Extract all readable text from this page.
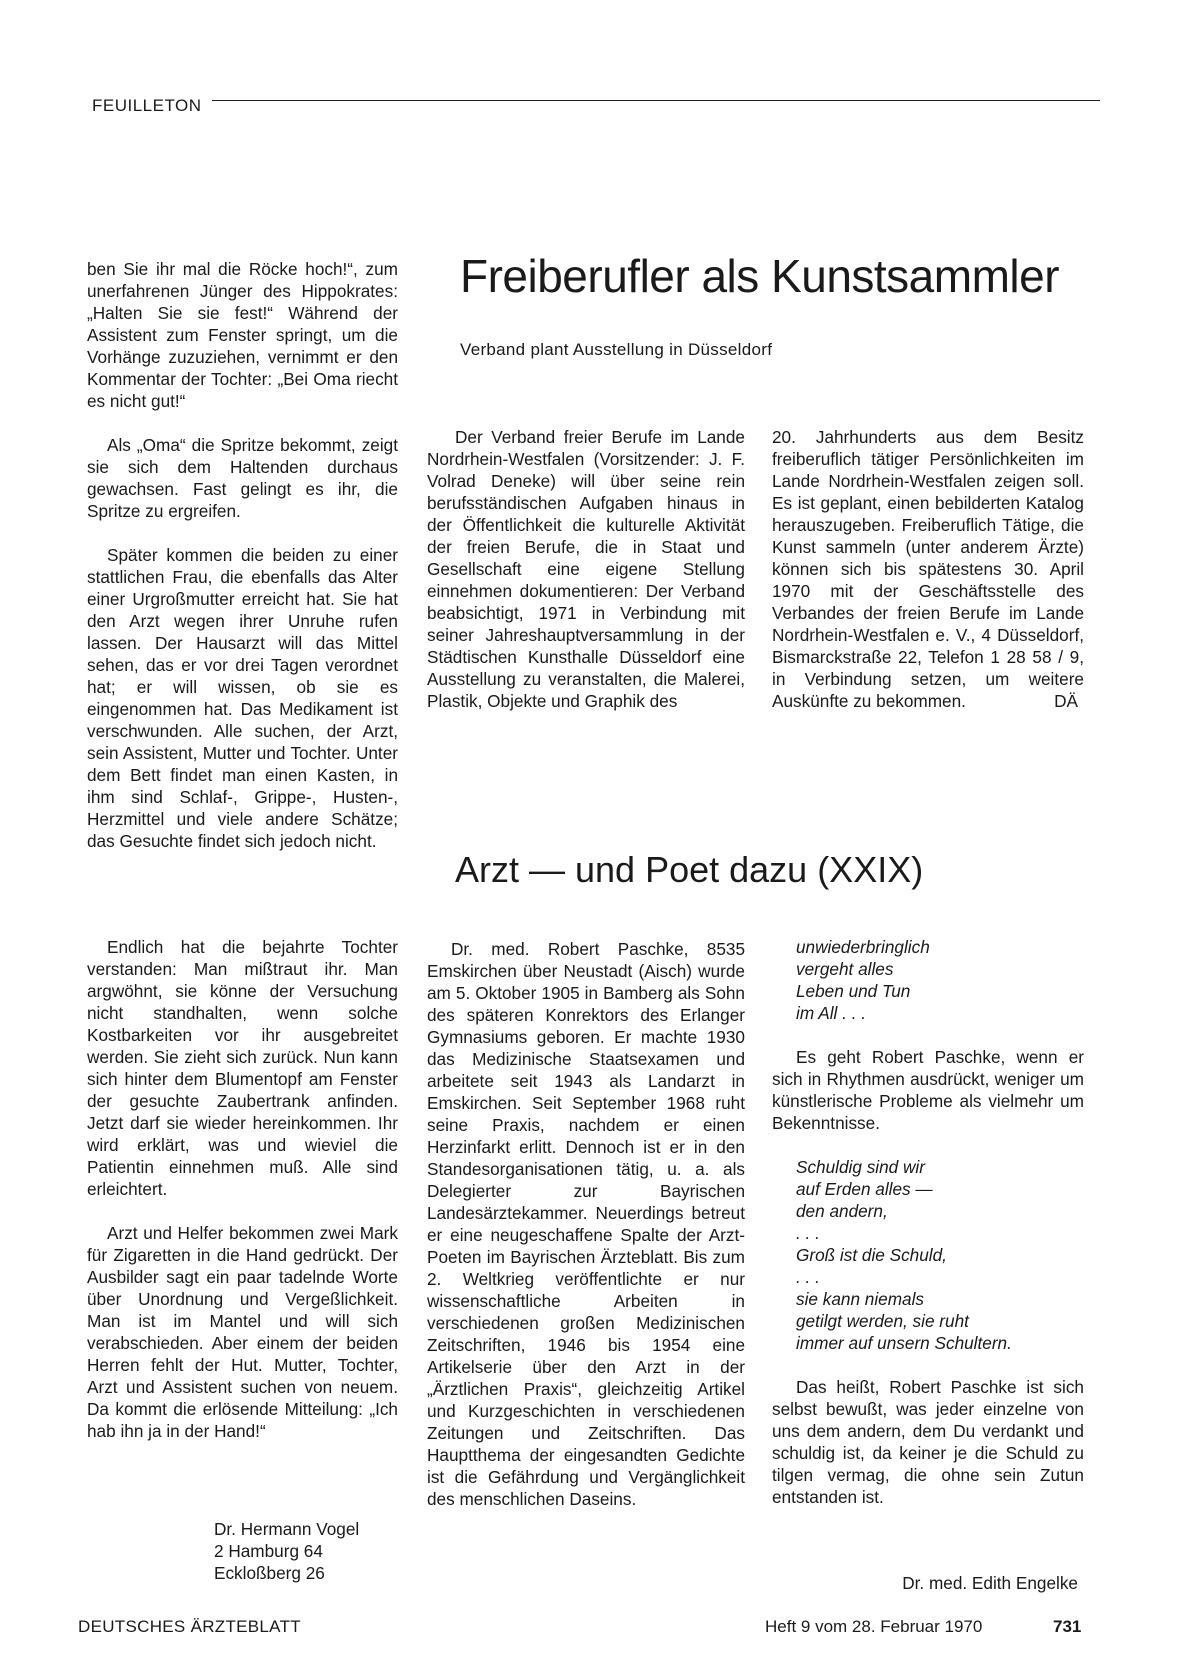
FEUILLETON

ben Sie ihr mal die Röcke hoch!“, zum unerfahrenen Jünger des Hippokrates: „Halten Sie sie fest!“ Während der Assistent zum Fenster springt, um die Vorhänge zuzuziehen, vernimmt er den Kommentar der Tochter: „Bei Oma riecht es nicht gut!“

Als „Oma“ die Spritze bekommt, zeigt sie sich dem Haltenden durchaus gewachsen. Fast gelingt es ihr, die Spritze zu ergreifen.

Später kommen die beiden zu einer stattlichen Frau, die ebenfalls das Alter einer Urgroßmutter erreicht hat. Sie hat den Arzt wegen ihrer Unruhe rufen lassen. Der Hausarzt will das Mittel sehen, das er vor drei Tagen verordnet hat; er will wissen, ob sie es eingenommen hat. Das Medikament ist verschwunden. Alle suchen, der Arzt, sein Assistent, Mutter und Tochter. Unter dem Bett findet man einen Kasten, in ihm sind Schlaf-, Grippe-, Husten-, Herzmittel und viele andere Schätze; das Gesuchte findet sich jedoch nicht.

Endlich hat die bejahrte Tochter verstanden: Man mißtraut ihr. Man argwöhnt, sie könne der Versuchung nicht standhalten, wenn solche Kostbarkeiten vor ihr ausgebreitet werden. Sie zieht sich zurück. Nun kann sich hinter dem Blumentopf am Fenster der gesuchte Zaubertrank anfinden. Jetzt darf sie wieder hereinkommen. Ihr wird erklärt, was und wieviel die Patientin einnehmen muß. Alle sind erleichtert.

Arzt und Helfer bekommen zwei Mark für Zigaretten in die Hand gedrückt. Der Ausbilder sagt ein paar tadelnde Worte über Unordnung und Vergeßlichkeit. Man ist im Mantel und will sich verabschieden. Aber einem der beiden Herren fehlt der Hut. Mutter, Tochter, Arzt und Assistent suchen von neuem. Da kommt die erlösende Mitteilung: „Ich hab ihn ja in der Hand!“

Dr. Hermann Vogel
2 Hamburg 64
Eckloßberg 26
Freiberufler als Kunstsammler
Verband plant Ausstellung in Düsseldorf

Der Verband freier Berufe im Lande Nordrhein-Westfalen (Vorsitzender: J. F. Volrad Deneke) will über seine rein berufsständischen Aufgaben hinaus in der Öffentlichkeit die kulturelle Aktivität der freien Berufe, die in Staat und Gesellschaft eine eigene Stellung einnehmen dokumentieren: Der Verband beabsichtigt, 1971 in Verbindung mit seiner Jahreshauptversammlung in der Städtischen Kunsthalle Düsseldorf eine Ausstellung zu veranstalten, die Malerei, Plastik, Objekte und Graphik des

20. Jahrhunderts aus dem Besitz freiberuflich tätiger Persönlichkeiten im Lande Nordrhein-Westfalen zeigen soll. Es ist geplant, einen bebilderten Katalog herauszugeben. Freiberuflich Tätige, die Kunst sammeln (unter anderem Ärzte) können sich bis spätestens 30. April 1970 mit der Geschäftsstelle des Verbandes der freien Berufe im Lande Nordrhein-Westfalen e. V., 4 Düsseldorf, Bismarckstraße 22, Telefon 1 28 58 / 9, in Verbindung setzen, um weitere Auskünfte zu bekommen.	DÄ
Arzt — und Poet dazu (XXIX)

Dr. med. Robert Paschke, 8535 Emskirchen über Neustadt (Aisch) wurde am 5. Oktober 1905 in Bamberg als Sohn des späteren Konrektors des Erlanger Gymnasiums geboren. Er machte 1930 das Medizinische Staatsexamen und arbeitete seit 1943 als Landarzt in Emskirchen. Seit September 1968 ruht seine Praxis, nachdem er einen Herzinfarkt erlitt. Dennoch ist er in den Standesorganisationen tätig, u. a. als Delegierter zur Bayrischen Landesärztekammer. Neuerdings betreut er eine neugeschaffene Spalte der Arzt-Poeten im Bayrischen Ärzteblatt. Bis zum 2. Weltkrieg veröffentlichte er nur wissenschaftliche Arbeiten in verschiedenen großen Medizinischen Zeitschriften, 1946 bis 1954 eine Artikelserie über den Arzt in der „Ärztlichen Praxis“, gleichzeitig Artikel und Kurzgeschichten in verschiedenen Zeitungen und Zeitschriften. Das Hauptthema der eingesandten Gedichte ist die Gefährdung und Vergänglichkeit des menschlichen Daseins.

unwiederbringlich
vergeht alles
Leben und Tun
im All . . .

Es geht Robert Paschke, wenn er sich in Rhythmen ausdrückt, weniger um künstlerische Probleme als vielmehr um Bekenntnisse.

Schuldig sind wir
auf Erden alles —
den andern,
. . .
Groß ist die Schuld,
. . .
sie kann niemals
getilgt werden, sie ruht
immer auf unsern Schultern.

Das heißt, Robert Paschke ist sich selbst bewußt, was jeder einzelne von uns dem andern, dem Du verdankt und schuldig ist, da keiner je die Schuld zu tilgen vermag, die ohne sein Zutun entstanden ist.

Dr. med. Edith Engelke
DEUTSCHES ÄRZTEBLATT	Heft 9 vom 28. Februar 1970	731
